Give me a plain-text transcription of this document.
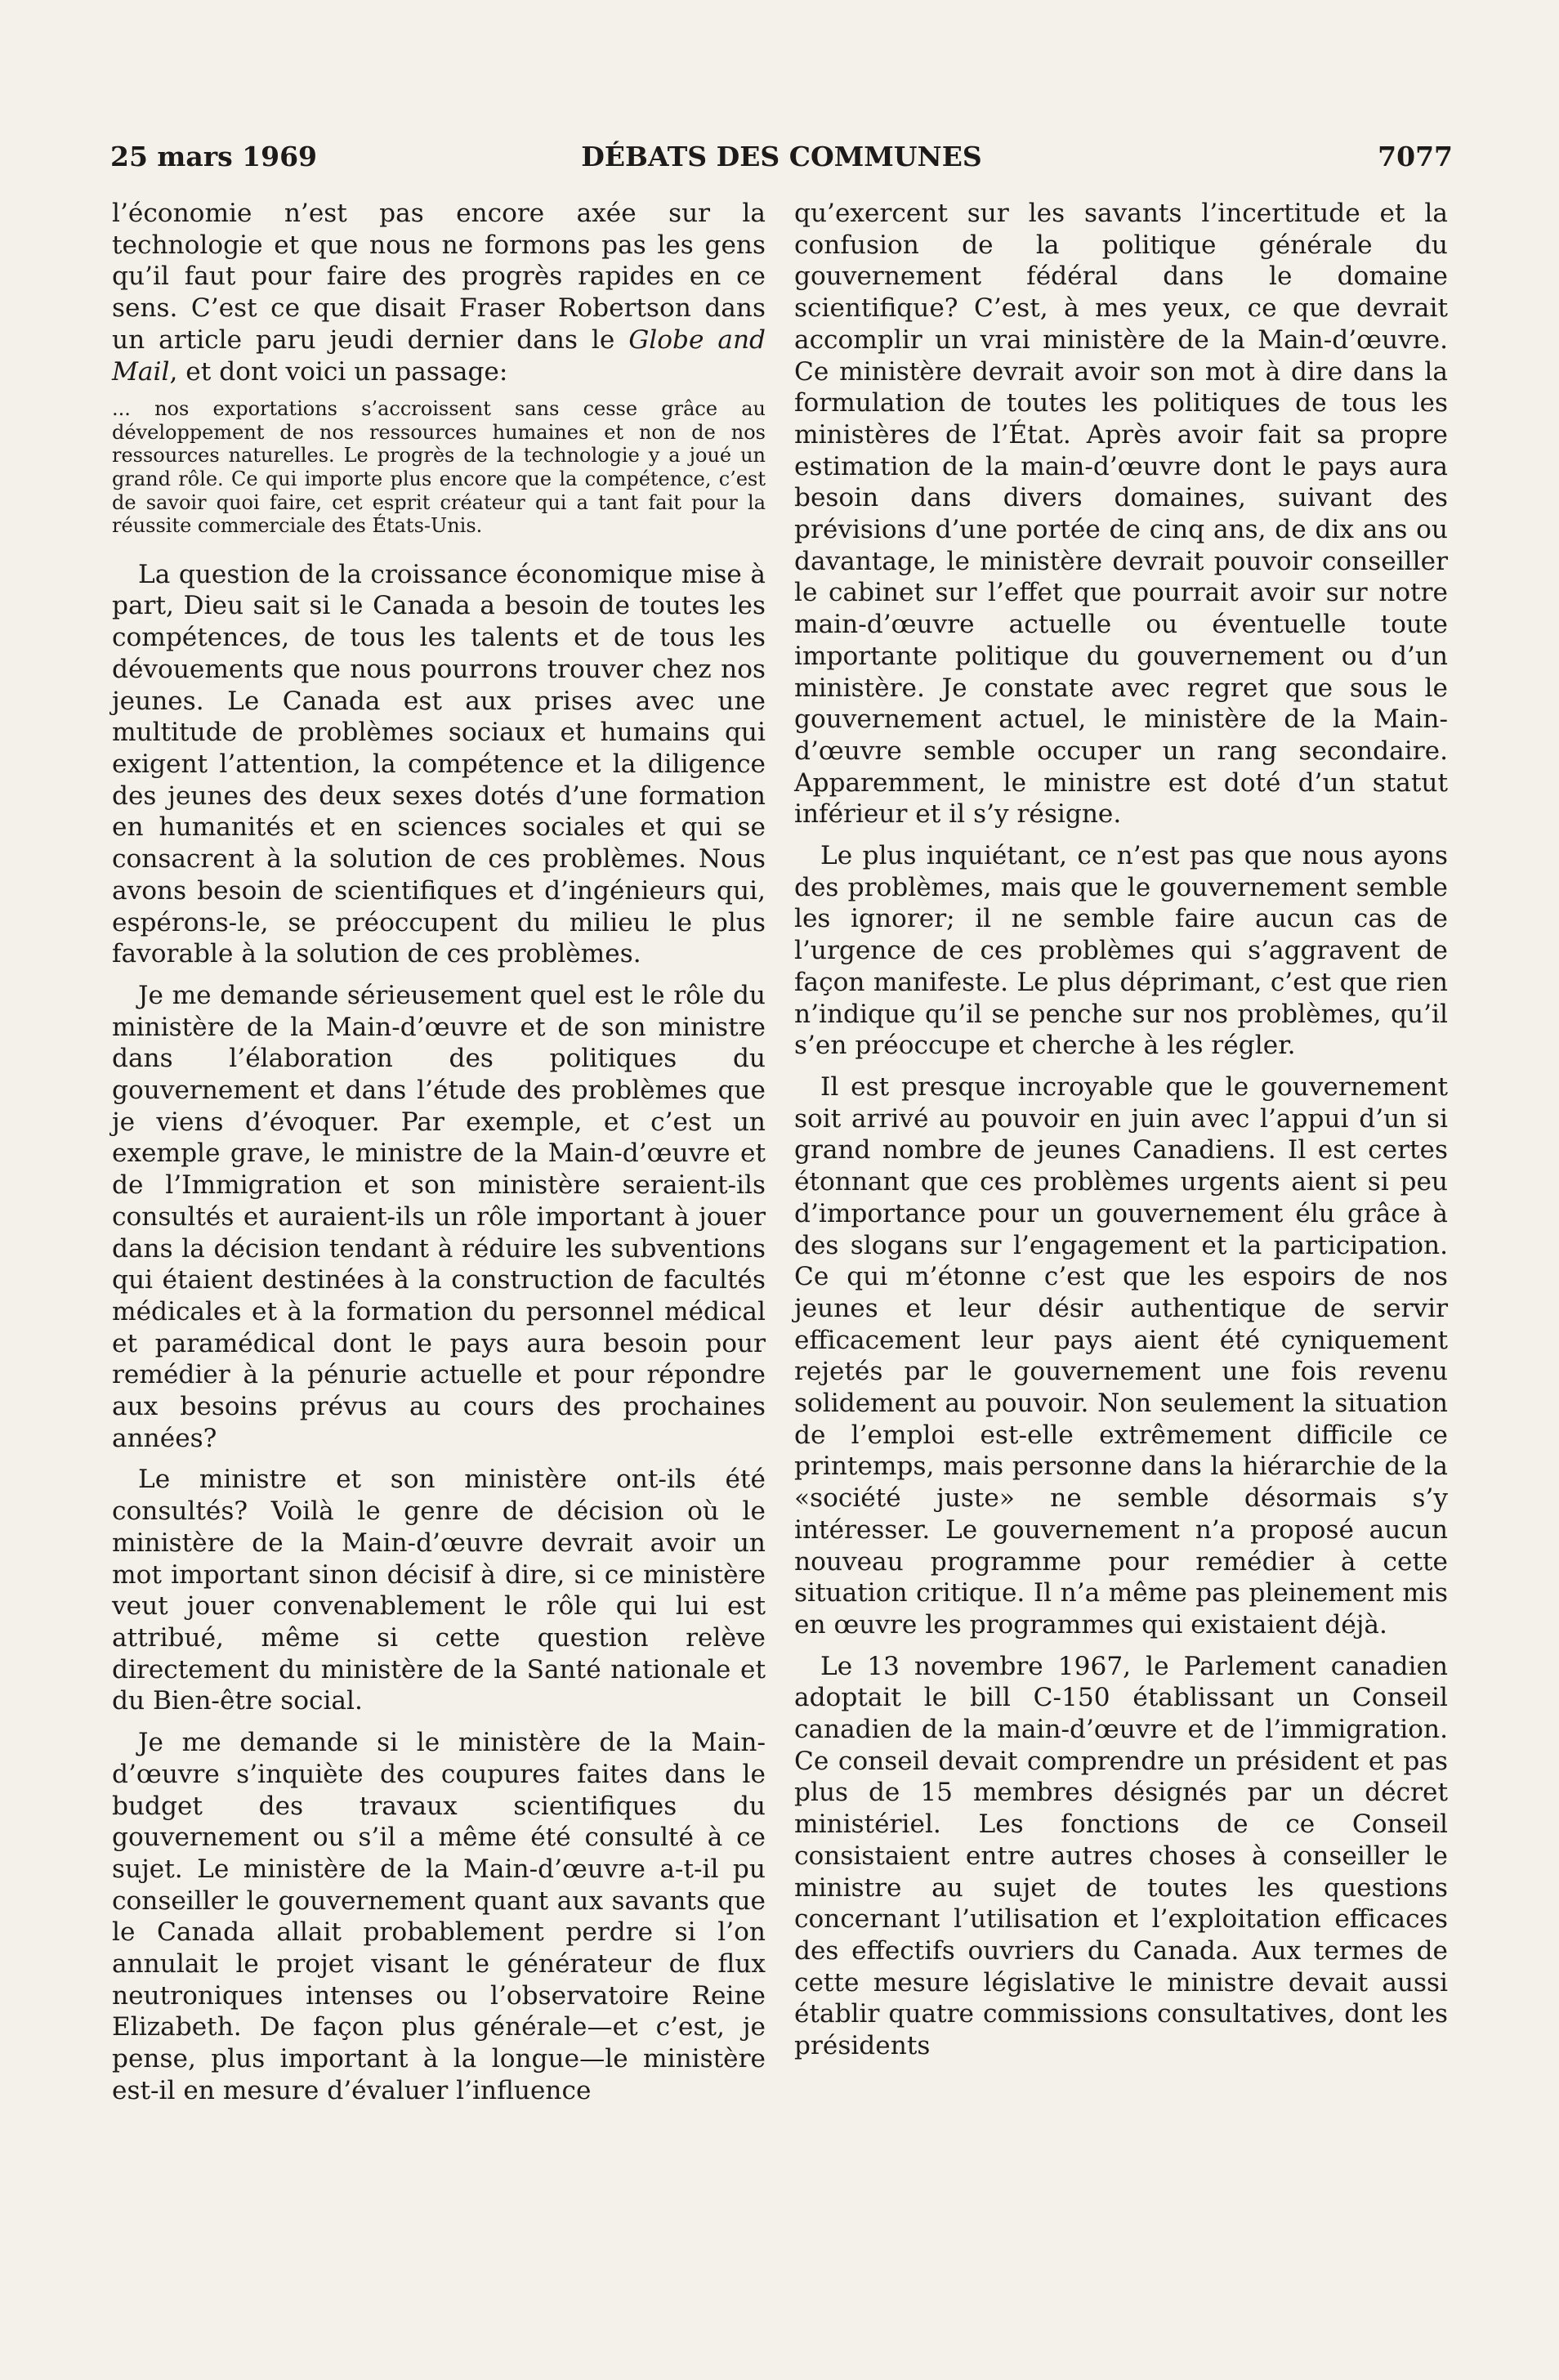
25 mars 1969	DÉBATS DES COMMUNES	7077

l’économie n’est pas encore axée sur la technologie et que nous ne formons pas les gens qu’il faut pour faire des progrès rapides en ce sens. C’est ce que disait Fraser Robertson dans un article paru jeudi dernier dans le Globe and Mail, et dont voici un passage:

... nos exportations s’accroissent sans cesse grâce au développement de nos ressources humaines et non de nos ressources naturelles. Le progrès de la technologie y a joué un grand rôle. Ce qui importe plus encore que la compétence, c’est de savoir quoi faire, cet esprit créateur qui a tant fait pour la réussite commerciale des États-Unis.

La question de la croissance économique mise à part, Dieu sait si le Canada a besoin de toutes les compétences, de tous les talents et de tous les dévouements que nous pourrons trouver chez nos jeunes. Le Canada est aux prises avec une multitude de problèmes sociaux et humains qui exigent l’attention, la compétence et la diligence des jeunes des deux sexes dotés d’une formation en humanités et en sciences sociales et qui se consacrent à la solution de ces problèmes. Nous avons besoin de scientifiques et d’ingénieurs qui, espérons-le, se préoccupent du milieu le plus favorable à la solution de ces problèmes.

Je me demande sérieusement quel est le rôle du ministère de la Main-d’œuvre et de son ministre dans l’élaboration des politiques du gouvernement et dans l’étude des problèmes que je viens d’évoquer. Par exemple, et c’est un exemple grave, le ministre de la Main-d’œuvre et de l’Immigration et son ministère seraient-ils consultés et auraient-ils un rôle important à jouer dans la décision tendant à réduire les subventions qui étaient destinées à la construction de facultés médicales et à la formation du personnel médical et paramédical dont le pays aura besoin pour remédier à la pénurie actuelle et pour répondre aux besoins prévus au cours des prochaines années?

Le ministre et son ministère ont-ils été consultés? Voilà le genre de décision où le ministère de la Main-d’œuvre devrait avoir un mot important sinon décisif à dire, si ce ministère veut jouer convenablement le rôle qui lui est attribué, même si cette question relève directement du ministère de la Santé nationale et du Bien-être social.

Je me demande si le ministère de la Main-d’œuvre s’inquiète des coupures faites dans le budget des travaux scientifiques du gouvernement ou s’il a même été consulté à ce sujet. Le ministère de la Main-d’œuvre a-t-il pu conseiller le gouvernement quant aux savants que le Canada allait probablement perdre si l’on annulait le projet visant le générateur de flux neutroniques intenses ou l’observatoire Reine Elizabeth. De façon plus générale—et c’est, je pense, plus important à la longue—le ministère est-il en mesure d’évaluer l’influence

qu’exercent sur les savants l’incertitude et la confusion de la politique générale du gouvernement fédéral dans le domaine scientifique? C’est, à mes yeux, ce que devrait accomplir un vrai ministère de la Main-d’œuvre. Ce ministère devrait avoir son mot à dire dans la formulation de toutes les politiques de tous les ministères de l’État. Après avoir fait sa propre estimation de la main-d’œuvre dont le pays aura besoin dans divers domaines, suivant des prévisions d’une portée de cinq ans, de dix ans ou davantage, le ministère devrait pouvoir conseiller le cabinet sur l’effet que pourrait avoir sur notre main-d’œuvre actuelle ou éventuelle toute importante politique du gouvernement ou d’un ministère. Je constate avec regret que sous le gouvernement actuel, le ministère de la Main-d’œuvre semble occuper un rang secondaire. Apparemment, le ministre est doté d’un statut inférieur et il s’y résigne.

Le plus inquiétant, ce n’est pas que nous ayons des problèmes, mais que le gouvernement semble les ignorer; il ne semble faire aucun cas de l’urgence de ces problèmes qui s’aggravent de façon manifeste. Le plus déprimant, c’est que rien n’indique qu’il se penche sur nos problèmes, qu’il s’en préoccupe et cherche à les régler.

Il est presque incroyable que le gouvernement soit arrivé au pouvoir en juin avec l’appui d’un si grand nombre de jeunes Canadiens. Il est certes étonnant que ces problèmes urgents aient si peu d’importance pour un gouvernement élu grâce à des slogans sur l’engagement et la participation. Ce qui m’étonne c’est que les espoirs de nos jeunes et leur désir authentique de servir efficacement leur pays aient été cyniquement rejetés par le gouvernement une fois revenu solidement au pouvoir. Non seulement la situation de l’emploi est-elle extrêmement difficile ce printemps, mais personne dans la hiérarchie de la «société juste» ne semble désormais s’y intéresser. Le gouvernement n’a proposé aucun nouveau programme pour remédier à cette situation critique. Il n’a même pas pleinement mis en œuvre les programmes qui existaient déjà.

Le 13 novembre 1967, le Parlement canadien adoptait le bill C-150 établissant un Conseil canadien de la main-d’œuvre et de l’immigration. Ce conseil devait comprendre un président et pas plus de 15 membres désignés par un décret ministériel. Les fonctions de ce Conseil consistaient entre autres choses à conseiller le ministre au sujet de toutes les questions concernant l’utilisation et l’exploitation efficaces des effectifs ouvriers du Canada. Aux termes de cette mesure législative le ministre devait aussi établir quatre commissions consultatives, dont les présidents
